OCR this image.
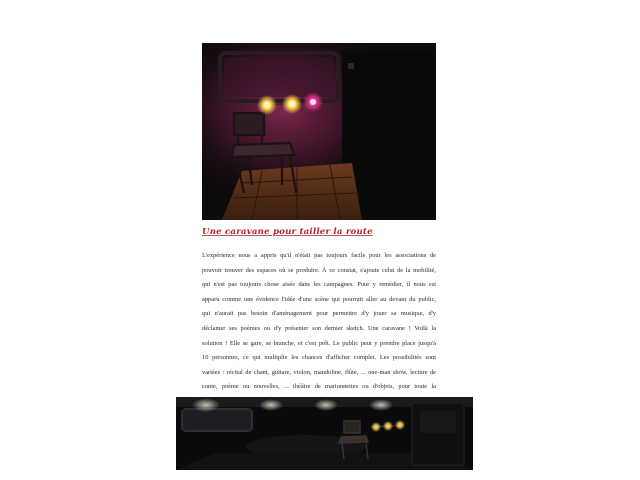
Une caravane pour tailler la route
L'expérience nous a appris qu'il n'était pas toujours facile pour les associations de
pouvoir trouver des espaces où se produire. À ce constat, s'ajoute celui de la mobilité,
qui n'est pas toujours chose aisée dans les campagnes. Pour y remédier, il nous est
apparu comme une évidence l'idée d'une scène qui pourrait aller au devant du public,
qui n'aurait pas besoin d'aménagement pour permettre d'y jouer sa musique, d'y
déclamer ses poèmes ou d'y présenter son dernier sketch. Une caravane ! Voilà la
solution ! Elle se gare, se branche, et c'est prêt. Le public peut y prendre place jusqu'à
10 personnes, ce qui multiplie les chances d'afficher complet. Les possibilités sont
variées : récital de chant, guitare, violon, mandoline, flûte, ... one-man show, lecture de
conte, poème ou nouvelles, ... théâtre de marionnettes ou d'objets, pour toute la
